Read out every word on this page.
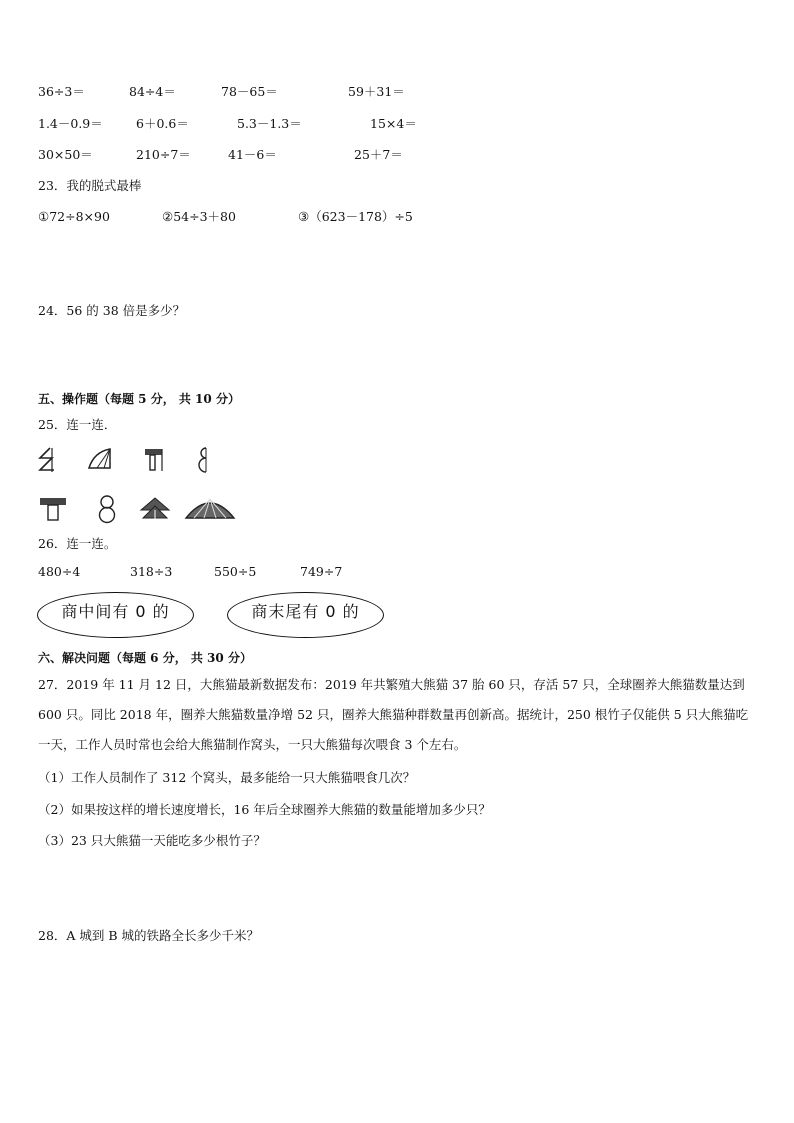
36÷3＝	84÷4＝	78－65＝	59＋31＝
1.4－0.9＝	6＋0.6＝	5.3－1.3＝	15×4＝
30×50＝	210÷7＝	41－6＝	25＋7＝
23．我的脱式最棒
①72÷8×90	②54÷3＋80	③（623－178）÷5
24．56 的 38 倍是多少？
五、操作题（每题 5 分， 共 10 分）
25．连一连．
26．连一连。
480÷4	318÷3	550÷5	749÷7
商中间有 0 的	商末尾有 0 的
六、解决问题（每题 6 分， 共 30 分）
27．2019 年 11 月 12 日，大熊猫最新数据发布：2019 年共繁殖大熊猫 37 胎 60 只，存活 57 只，全球圈养大熊猫数量达到 600 只。同比 2018 年，圈养大熊猫数量净增 52 只，圈养大熊猫种群数量再创新高。据统计，250 根竹子仅能供 5 只大熊猫吃一天，工作人员时常也会给大熊猫制作窝头，一只大熊猫每次喂食 3 个左右。
（1）工作人员制作了 312 个窝头，最多能给一只大熊猫喂食几次？
（2）如果按这样的增长速度增长，16 年后全球圈养大熊猫的数量能增加多少只？
（3）23 只大熊猫一天能吃多少根竹子？
28．A 城到 B 城的铁路全长多少千米？
